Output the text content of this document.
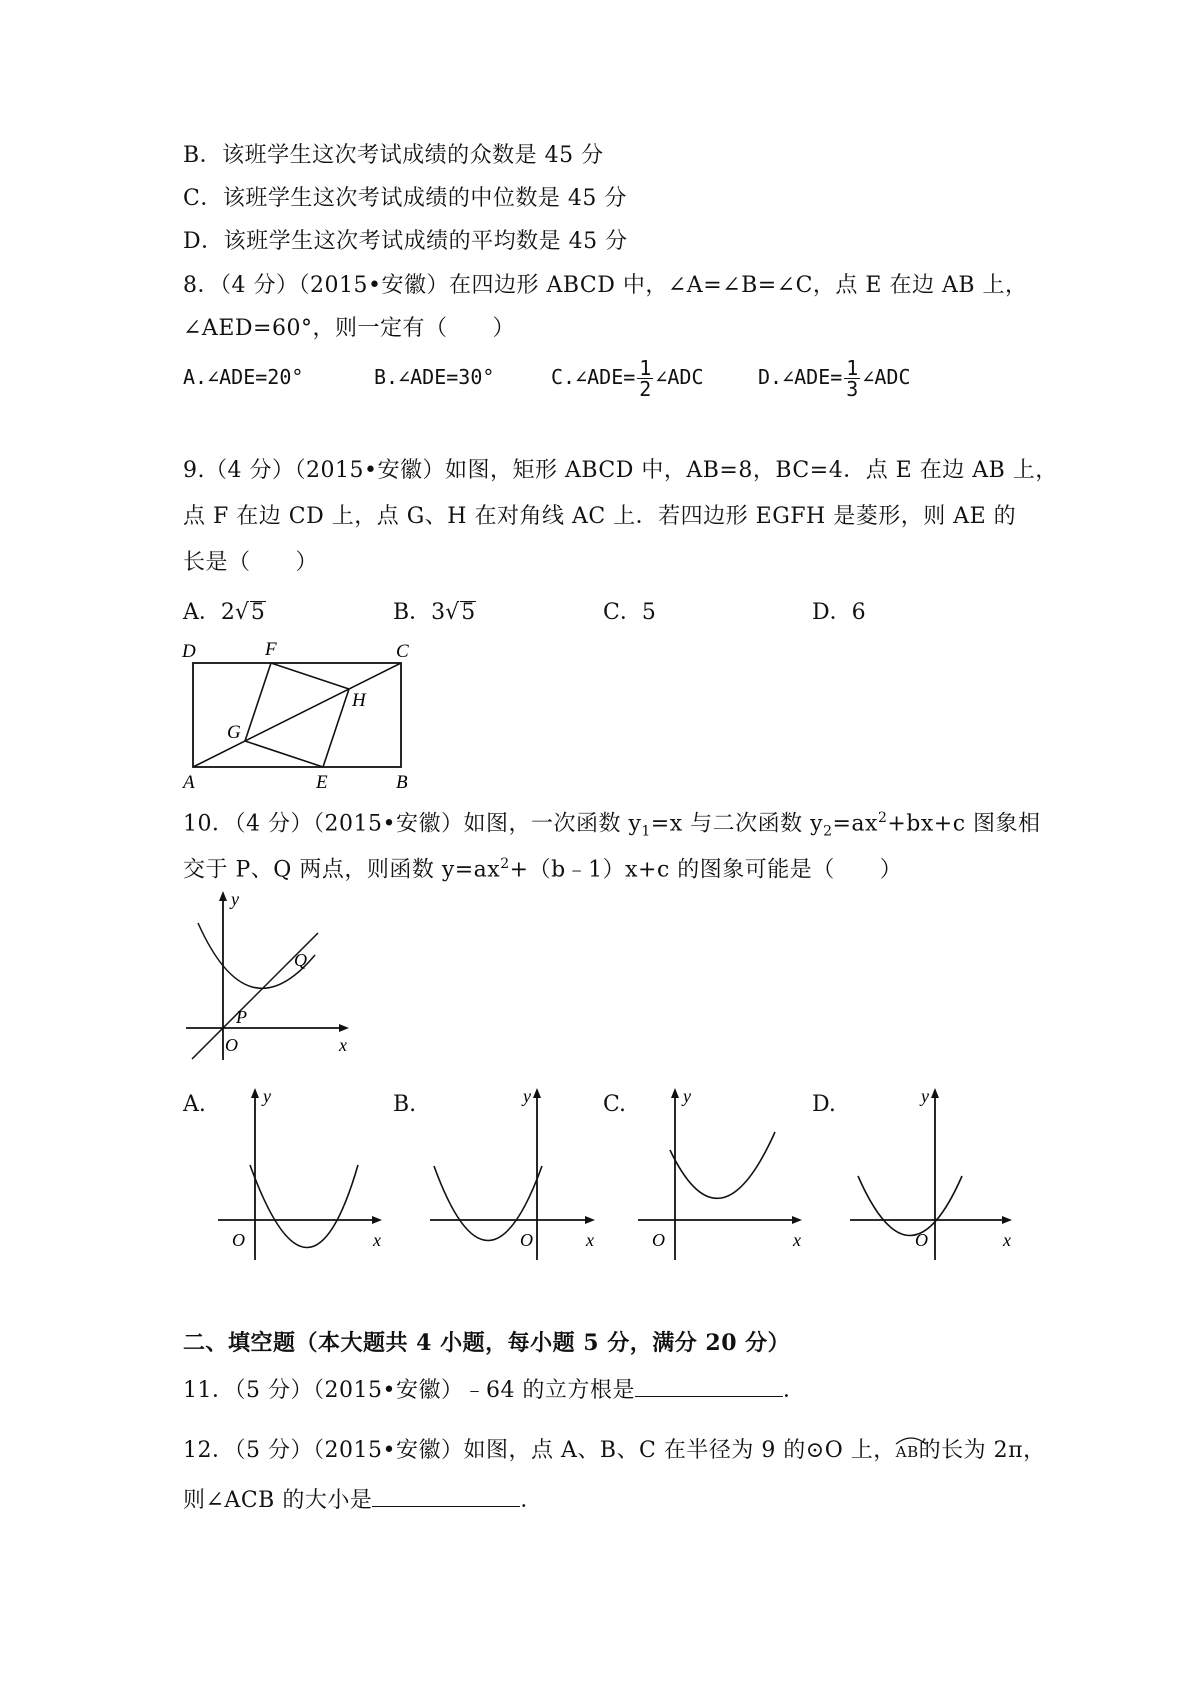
B．该班学生这次考试成绩的众数是 45 分
C．该班学生这次考试成绩的中位数是 45 分
D．该班学生这次考试成绩的平均数是 45 分
8．（4 分）（2015•安徽）在四边形 ABCD 中，∠A=∠B=∠C，点 E 在边 AB 上，
∠AED=60°，则一定有（　　）
A.∠ADE=20°	B.∠ADE=30°	C.∠ADE= $\frac{1}{2}$ ∠ADC	D.∠ADE= $\frac{1}{3}$ ∠ADC
9.（4 分）（2015•安徽）如图，矩形 ABCD 中，AB=8，BC=4．点 E 在边 AB 上，
点 F 在边 CD 上，点 G、H 在对角线 AC 上．若四边形 EGFH 是菱形，则 AE 的
长是（　　）
A．2√5	B．3√5	C．5	D．6
D	F	C
H
G
A	E	B
10．（4 分）（2015•安徽）如图，一次函数 $y_1=x$ 与二次函数 $y_2=ax^2+bx+c$ 图象相
交于 P、Q 两点，则函数 $y=ax^2+(b﹣1)x+c$ 的图象可能是（　　）
y
Q
P
O	x
A.	B.	C.	D.
y
O	x
y
O	x
y
O	x
y
O	x
二、填空题（本大题共 4 小题，每小题 5 分，满分 20 分）
11．（5 分）（2015•安徽）﹣64 的立方根是	．
12．（5 分）（2015•安徽）如图，点 A、B、C 在半径为 9 的⊙O 上，
AB的长为 2π，
则∠ACB 的大小是	．
